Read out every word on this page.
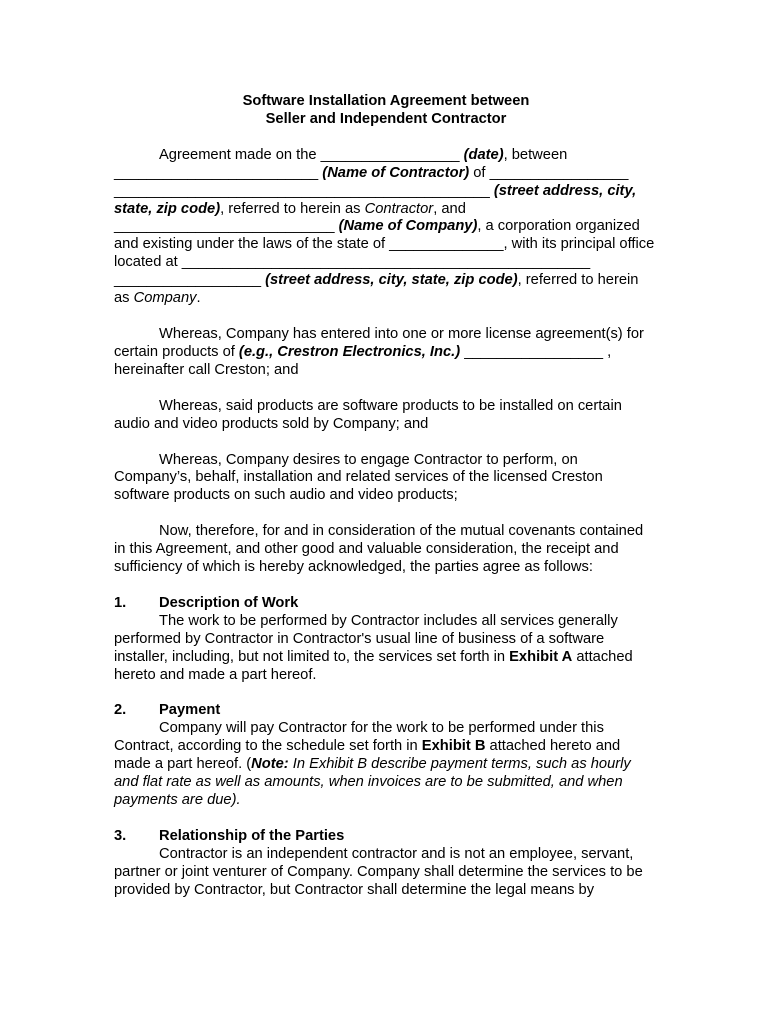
Software Installation Agreement between
Seller and Independent Contractor

Agreement made on the _________________ (date), between _________________________ (Name of Contractor) of _________________ ______________________________________________ (street address, city, state, zip code), referred to herein as Contractor, and ___________________________ (Name of Company), a corporation organized and existing under the laws of the state of ______________, with its principal office located at __________________________________________________ __________________ (street address, city, state, zip code), referred to herein as Company.

Whereas, Company has entered into one or more license agreement(s) for certain products of (e.g., Crestron Electronics, Inc.) _________________ , hereinafter call Creston; and

Whereas, said products are software products to be installed on certain audio and video products sold by Company; and

Whereas, Company desires to engage Contractor to perform, on Company’s, behalf, installation and related services of the licensed Creston software products on such audio and video products;

Now, therefore, for and in consideration of the mutual covenants contained in this Agreement, and other good and valuable consideration, the receipt and sufficiency of which is hereby acknowledged, the parties agree as follows:

1.	Description of Work

The work to be performed by Contractor includes all services generally performed by Contractor in Contractor's usual line of business of a software installer, including, but not limited to, the services set forth in Exhibit A attached hereto and made a part hereof.

2.	Payment

Company will pay Contractor for the work to be performed under this Contract, according to the schedule set forth in Exhibit B attached hereto and made a part hereof. (Note: In Exhibit B describe payment terms, such as hourly and flat rate as well as amounts, when invoices are to be submitted, and when payments are due).

3.	Relationship of the Parties

Contractor is an independent contractor and is not an employee, servant, partner or joint venturer of Company. Company shall determine the services to be provided by Contractor, but Contractor shall determine the legal means by
